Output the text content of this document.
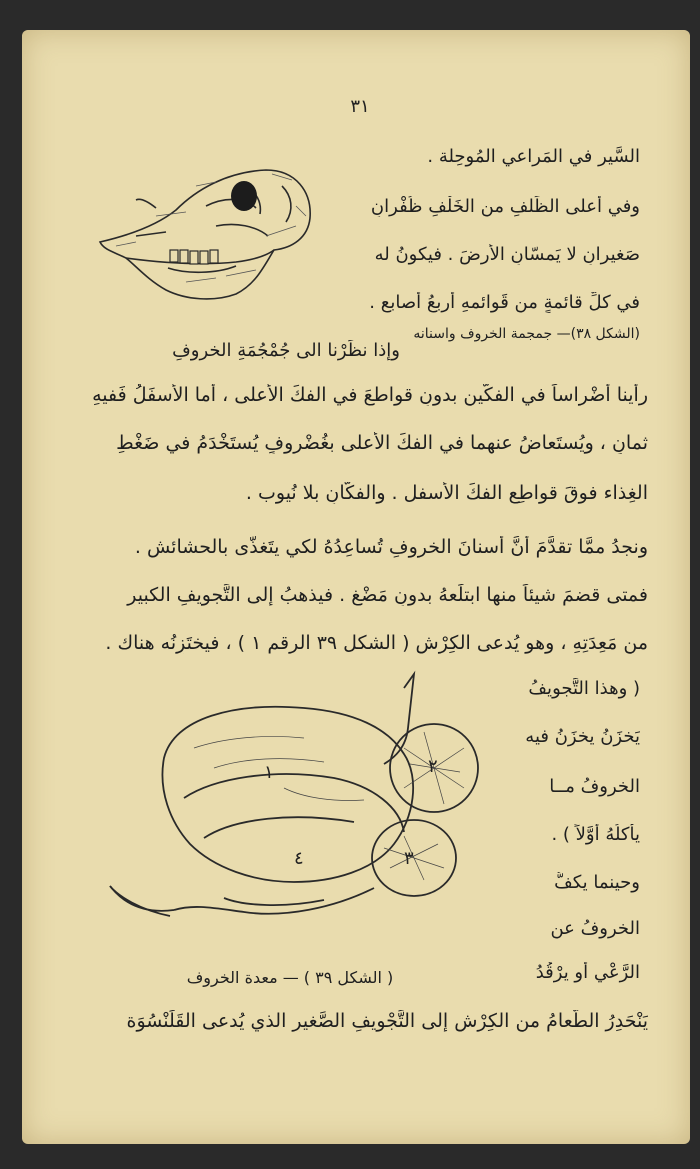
٣١
١	٢
٣
٤
السَّيرِ في المَراعي المُوحِلة .
وفي أعلى الظِّلفِ من الخَلْفِ ظُفْرانِ
صَغيرانِ لا يَمسّانِ الأرضَ . فيكونُ له
في كلِّ قائمةٍ من قَوائمهِ أربعُ أصابع .
(الشكل ٣٨)— جمجمة الخروف واسنانه
وإذا نظَرْنا الى جُمْجُمَةِ الخروفِ
رأينا أضْراساً في الفكَّينِ بدونِ قواطعَ في الفكِّ الأعلى ، أما الأسفَلُ فَفيهِ
ثمانٍ ، ويُستَعاضُ عنهما في الفكِّ الأعلى بغُضْروفٍ يُستَخْدَمُ في ضَغْطِ
الغِذاء فوقَ قواطِعِ الفكِّ الأسفل . والفكَّانِ بلا نُيوب .
ونجدُ ممَّا تقدَّمَ أنَّ أسنانَ الخروفِ تُساعِدُهُ لكي يتَغذَّى بالحشائش .
فمتى قضمَ شيئاً منها ابتلَعهُ بدونِ مَضْغٍ . فيذهبُ إلى التَّجويفِ الكبيرِ
من مَعِدَتِهِ ، وهو يُدعى الكِرْش ( الشكل ٣٩ الرقم ١ ) ، فيختَزِنُه هناك .
( وهذا التَّجويفُ
يَخزَنُ يخزَنُ فيه
الخروفُ مــا
يأكلُهُ أوَّلاً ) .
وحينما يكفُّ
الخروفُ عن
الرَّعْي أو يرْقُدُ
( الشكل ٣٩ ) — معدة الخروف
يَنْحَدِرُ الطَّعامُ من الكِرْشِ إلى التَّجْويفِ الصَّغيرِ الذي يُدعى القَلَنْسُوَة
